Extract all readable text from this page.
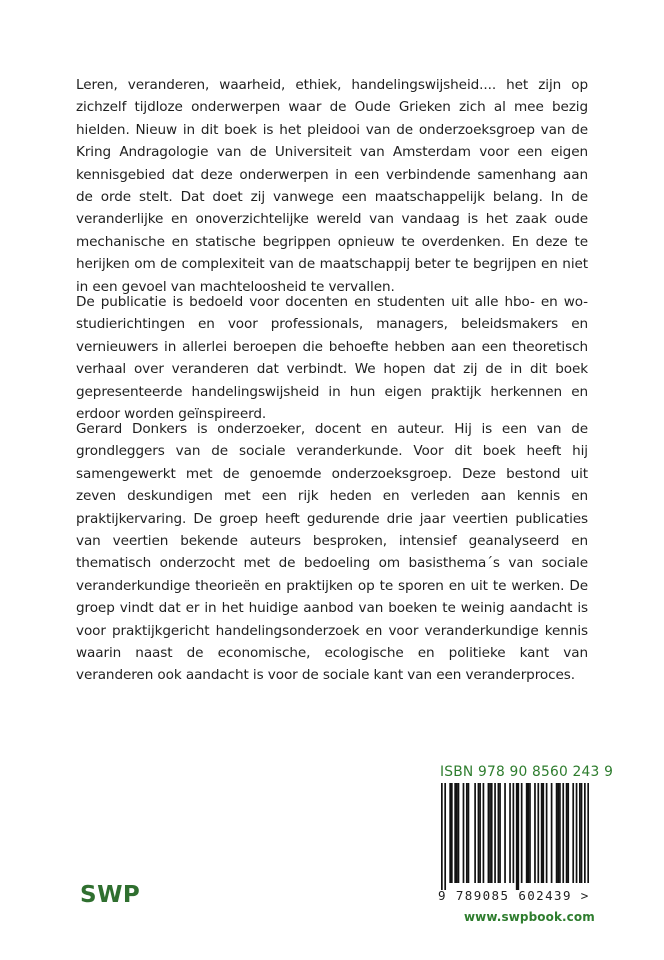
Leren, veranderen, waarheid, ethiek, handelingswijsheid.... het zijn op zichzelf tijdloze onderwerpen waar de Oude Grieken zich al mee bezig hielden. Nieuw in dit boek is het pleidooi van de onderzoeksgroep van de Kring Andragologie van de Universiteit van Amsterdam voor een eigen kennisgebied dat deze onderwerpen in een verbindende samenhang aan de orde stelt. Dat doet zij vanwege een maatschappelijk belang. In de veranderlijke en onoverzichtelijke wereld van vandaag is het zaak oude mechanische en statische begrippen opnieuw te overdenken. En deze te herijken om de complexiteit van de maatschappij beter te begrijpen en niet in een gevoel van machteloosheid te vervallen.

De publicatie is bedoeld voor docenten en studenten uit alle hbo- en wo-studierichtingen en voor professionals, managers, beleidsmakers en vernieuwers in allerlei beroepen die behoefte hebben aan een theoretisch verhaal over veranderen dat verbindt. We hopen dat zij de in dit boek gepresenteerde handelingswijsheid in hun eigen praktijk herkennen en erdoor worden geïnspireerd.

Gerard Donkers is onderzoeker, docent en auteur. Hij is een van de grondleggers van de sociale veranderkunde. Voor dit boek heeft hij samengewerkt met de genoemde onderzoeksgroep. Deze bestond uit zeven deskundigen met een rijk heden en verleden aan kennis en praktijkervaring. De groep heeft gedurende drie jaar veertien publicaties van veertien bekende auteurs besproken, intensief geanalyseerd en thematisch onderzocht met de bedoeling om basisthema´s van sociale veranderkundige theorieën en praktijken op te sporen en uit te werken. De groep vindt dat er in het huidige aanbod van boeken te weinig aandacht is voor praktijkgericht handelingsonderzoek en voor veranderkundige kennis waarin naast de economische, ecologische en politieke kant van veranderen ook aandacht is voor de sociale kant van een veranderproces.

ISBN 978 90 8560 243 9
9 789085 602439 >
www.swpbook.com
SWP
